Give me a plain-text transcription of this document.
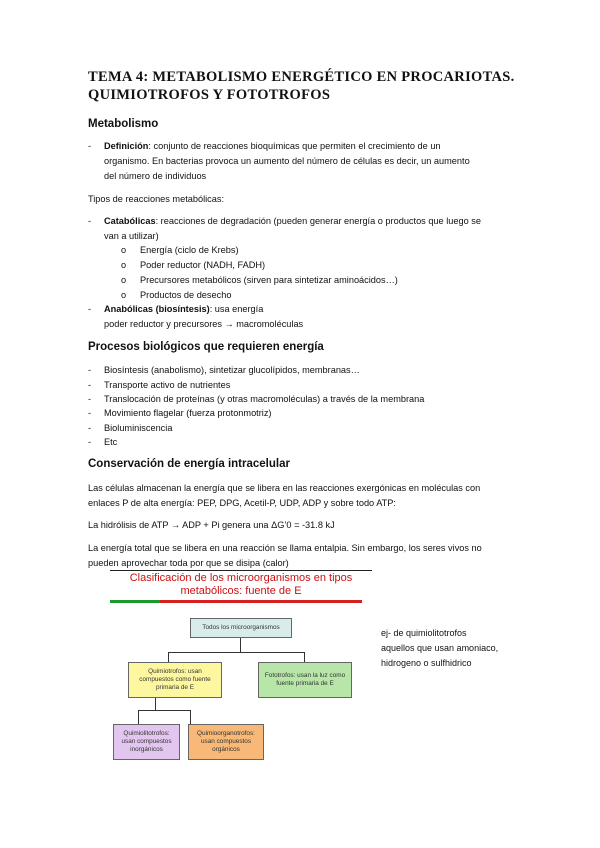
TEMA 4: METABOLISMO ENERGÉTICO EN PROCARIOTAS.
QUIMIOTROFOS Y FOTOTROFOS
Metabolismo
- Definición: conjunto de reacciones bioquímicas que permiten el crecimiento de un
organismo. En bacterias provoca un aumento del número de células es decir, un aumento
del número de individuos
Tipos de reacciones metabólicas:
- Catabólicas: reacciones de degradación (pueden generar energía o productos que luego se
van a utilizar)
o Energía (ciclo de Krebs)
o Poder reductor (NADH, FADH)
o Precursores metabólicos (sirven para sintetizar aminoácidos…)
o Productos de desecho
- Anabólicas (biosíntesis): usa energía
poder reductor y precursores → macromoléculas
Procesos biológicos que requieren energía
- Biosíntesis (anabolismo), sintetizar glucolípidos, membranas…
- Transporte activo de nutrientes
- Translocación de proteínas (y otras macromoléculas) a través de la membrana
- Movimiento flagelar (fuerza protonmotriz)
- Bioluminiscencia
- Etc
Conservación de energía intracelular
Las células almacenan la energía que se libera en las reacciones exergónicas en moléculas con
enlaces P de alta energía: PEP, DPG, Acetil-P, UDP, ADP y sobre todo ATP:
La hidrólisis de ATP → ADP + Pi genera una ΔG’0 = -31.8 kJ
La energía total que se libera en una reacción se llama entalpia. Sin embargo, los seres vivos no
pueden aprovechar toda por que se disipa (calor)
Clasificación de los microorganismos en tipos
metabólicos: fuente de E
Todos los microorganismos
Quimiotrofos: usan compuestos como fuente primaria de E
Fototrofos: usan la luz como fuente primaria de E
Quimiolitotrofos: usan compuestos inorgánicos
Quimioorganotrofos: usan compuestos orgánicos
ej- de quimiolitotrofos
aquellos que usan amoniaco,
hidrogeno o sulfhidrico
